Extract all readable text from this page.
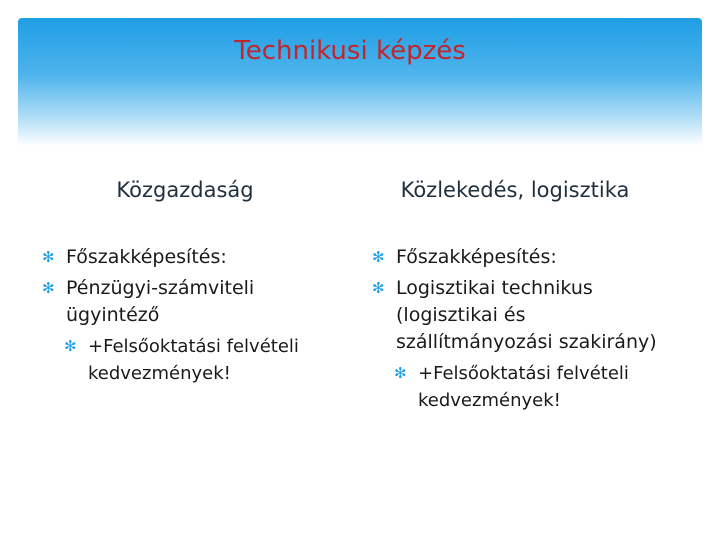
Technikusi képzés
Közgazdaság	Közlekedés, logisztika
✻ Főszakképesítés:
✻ Pénzügyi-számviteli ügyintéző
✻ +Felsőoktatási felvételi kedvezmények!
✻ Főszakképesítés:
✻ Logisztikai technikus (logisztikai és szállítmányozási szakirány)
✻ +Felsőoktatási felvételi kedvezmények!
